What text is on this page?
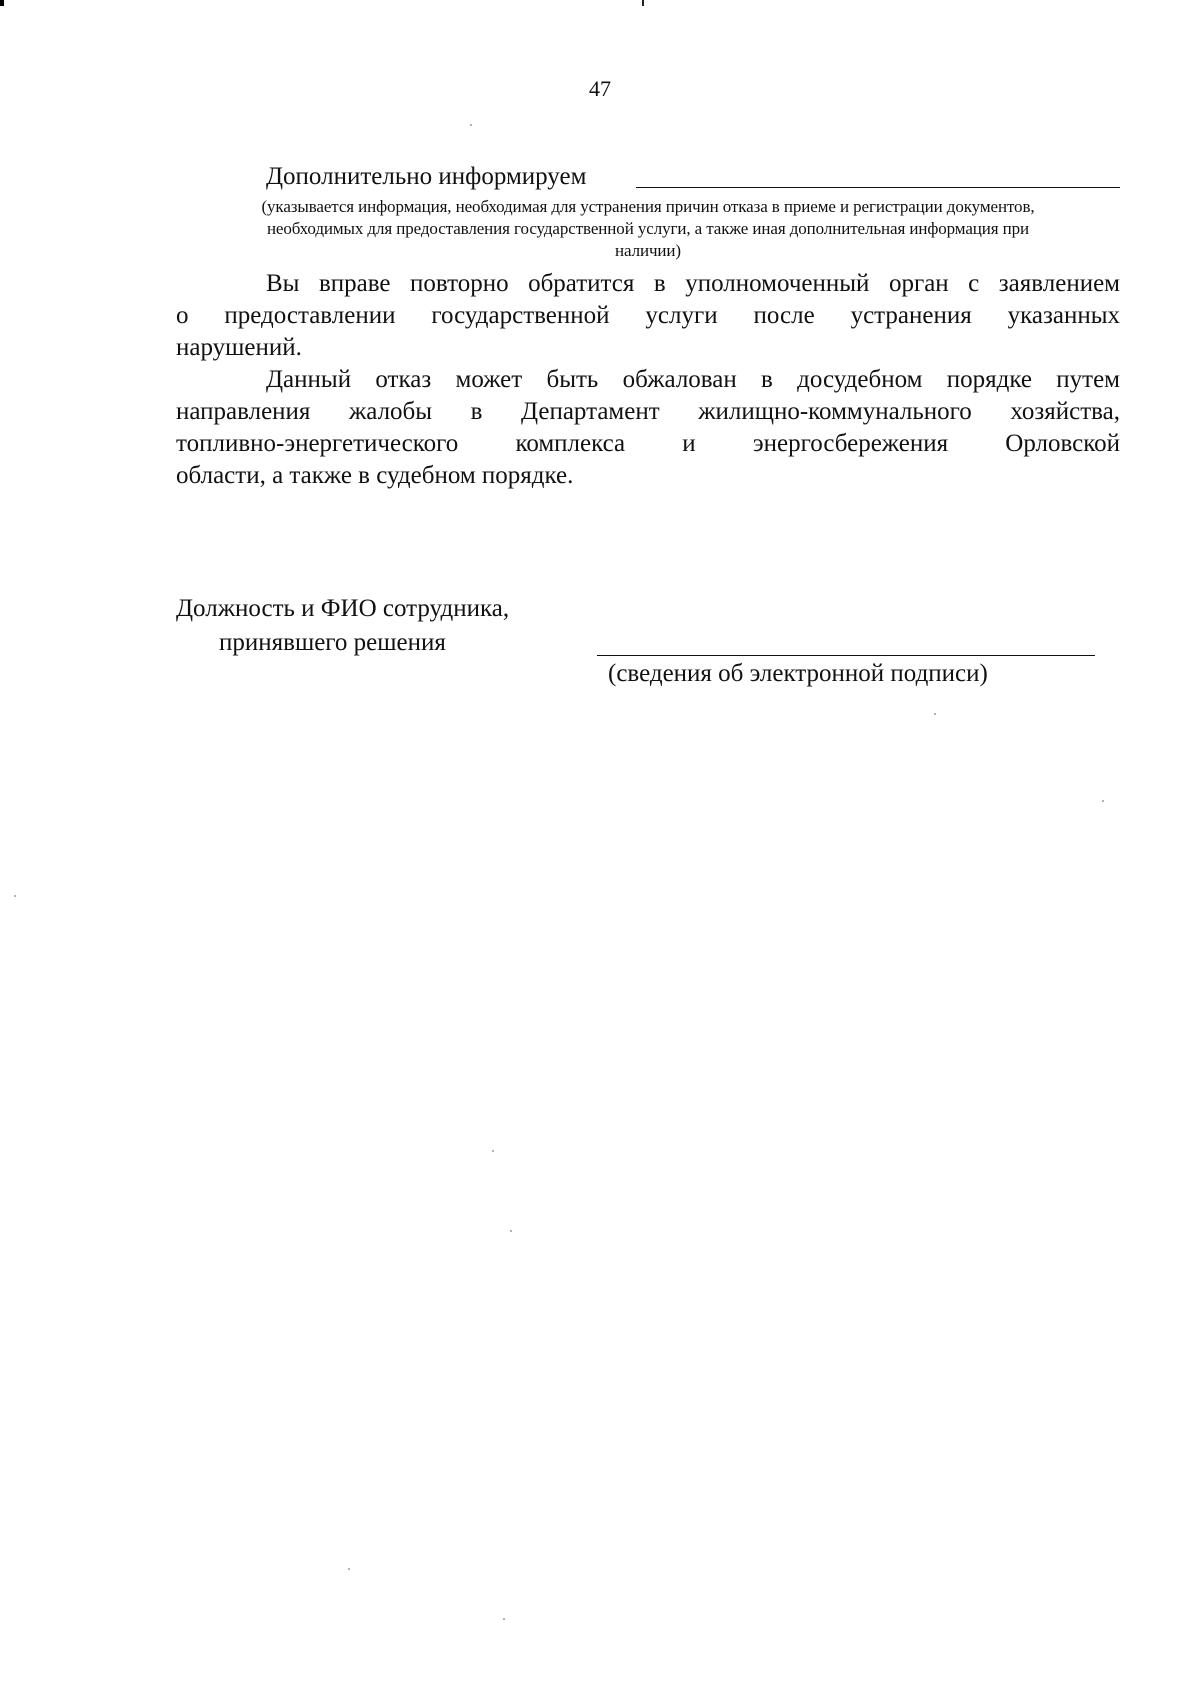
47
Дополнительно информируем
(указывается информация, необходимая для устранения причин отказа в приеме и регистрации документов,
необходимых для предоставления государственной услуги, а также иная дополнительная информация при
наличии)
Вы вправе повторно обратится в уполномоченный орган с заявлением
о предоставлении государственной услуги после устранения указанных
нарушений.
Данный отказ может быть обжалован в досудебном порядке путем
направления жалобы в Департамент жилищно-коммунального хозяйства,
топливно-энергетического комплекса и энергосбережения Орловской
области, а также в судебном порядке.
Должность и ФИО сотрудника,
принявшего решения
(сведения об электронной подписи)
